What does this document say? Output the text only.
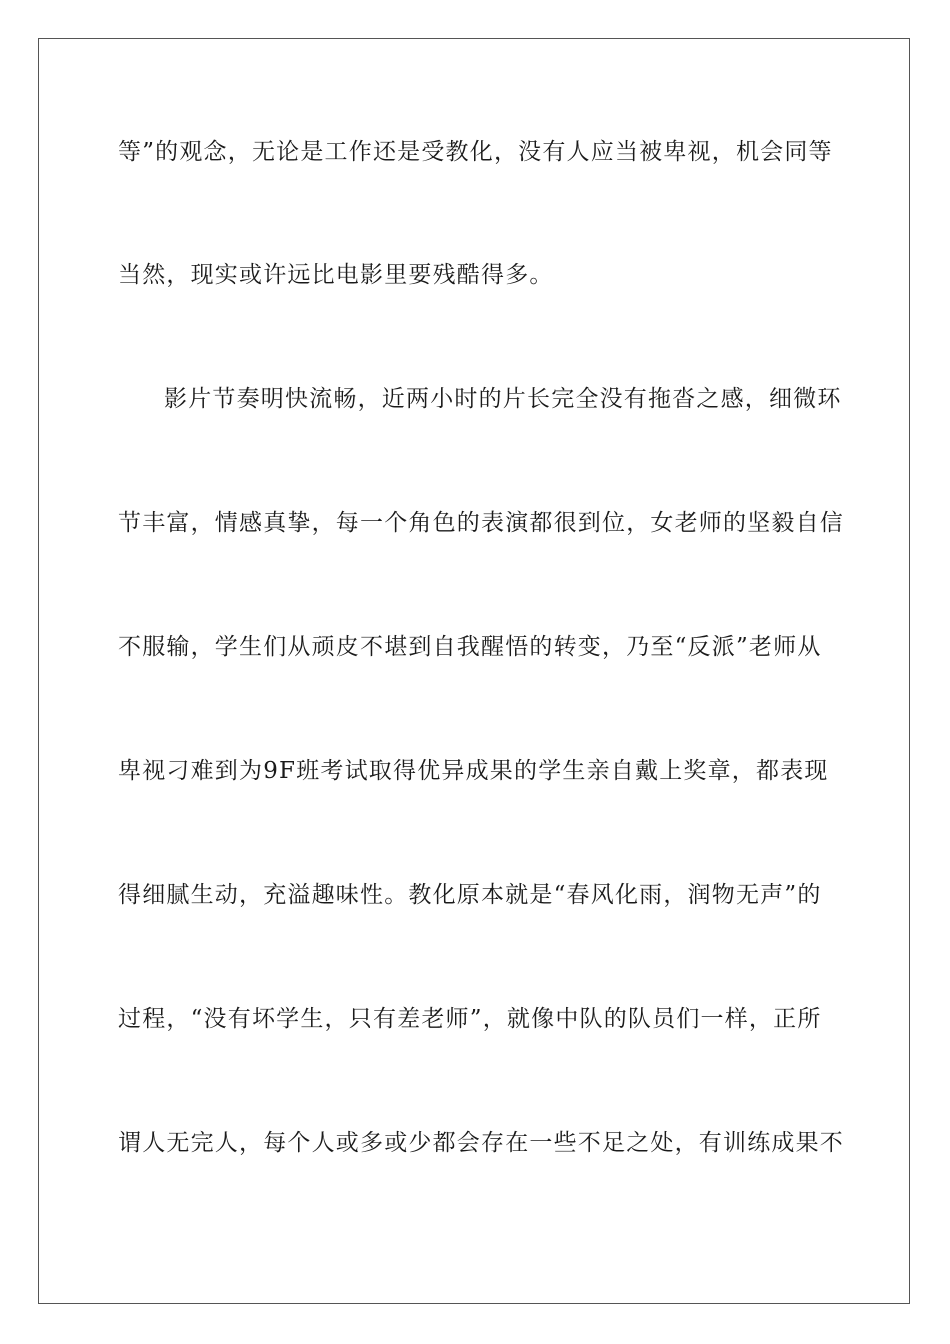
等”的观念，无论是工作还是受教化，没有人应当被卑视，机会同等
当然，现实或许远比电影里要残酷得多。
影片节奏明快流畅，近两小时的片长完全没有拖沓之感，细微环
节丰富，情感真挚，每一个角色的表演都很到位，女老师的坚毅自信
不服输，学生们从顽皮不堪到自我醒悟的转变，乃至“反派”老师从
卑视刁难到为9F班考试取得优异成果的学生亲自戴上奖章，都表现
得细腻生动，充溢趣味性。教化原本就是“春风化雨，润物无声”的
过程，“没有坏学生，只有差老师”，就像中队的队员们一样，正所
谓人无完人，每个人或多或少都会存在一些不足之处，有训练成果不
